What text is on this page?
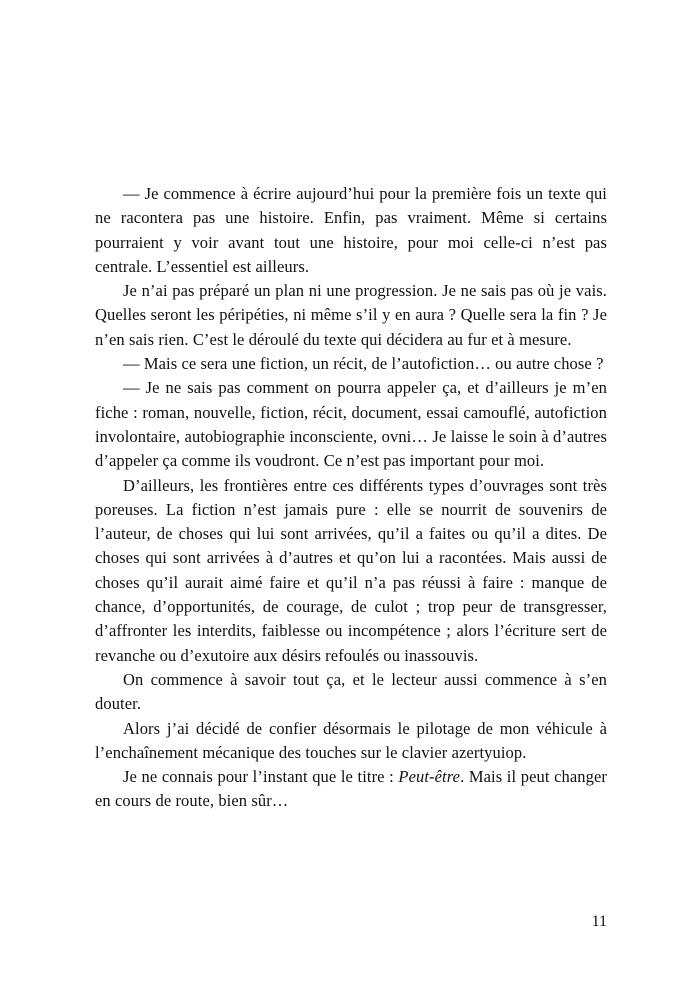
— Je commence à écrire aujourd’hui pour la première fois un texte qui ne racontera pas une histoire. Enfin, pas vraiment. Même si certains pourraient y voir avant tout une histoire, pour moi celle-ci n’est pas centrale. L’essentiel est ailleurs.

Je n’ai pas préparé un plan ni une progression. Je ne sais pas où je vais. Quelles seront les péripéties, ni même s’il y en aura ? Quelle sera la fin ? Je n’en sais rien. C’est le déroulé du texte qui décidera au fur et à mesure.

— Mais ce sera une fiction, un récit, de l’autofiction… ou autre chose ?

— Je ne sais pas comment on pourra appeler ça, et d’ailleurs je m’en fiche : roman, nouvelle, fiction, récit, document, essai camouflé, autofiction involontaire, autobiographie inconsciente, ovni… Je laisse le soin à d’autres d’appeler ça comme ils voudront. Ce n’est pas important pour moi.

D’ailleurs, les frontières entre ces différents types d’ouvrages sont très poreuses. La fiction n’est jamais pure : elle se nourrit de souvenirs de l’auteur, de choses qui lui sont arrivées, qu’il a faites ou qu’il a dites. De choses qui sont arrivées à d’autres et qu’on lui a racontées. Mais aussi de choses qu’il aurait aimé faire et qu’il n’a pas réussi à faire : manque de chance, d’opportunités, de courage, de culot ; trop peur de transgresser, d’affronter les interdits, faiblesse ou incompétence ; alors l’écriture sert de revanche ou d’exutoire aux désirs refoulés ou inassouvis.

On commence à savoir tout ça, et le lecteur aussi commence à s’en douter.

Alors j’ai décidé de confier désormais le pilotage de mon véhicule à l’enchaînement mécanique des touches sur le clavier azertyuiop.

Je ne connais pour l’instant que le titre : Peut-être. Mais il peut changer en cours de route, bien sûr…

11
